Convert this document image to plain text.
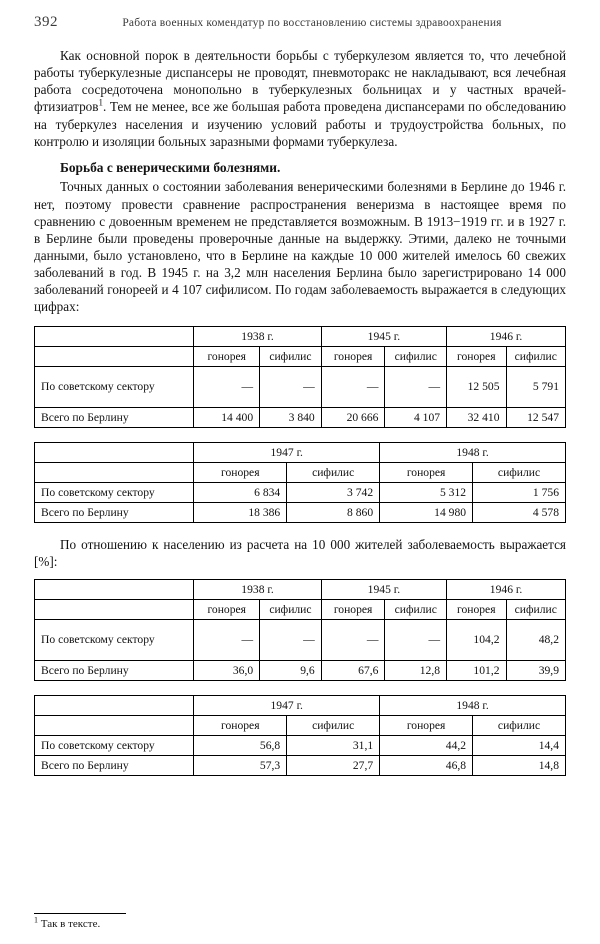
392	Работа военных комендатур по восстановлению системы здравоохранения

Как основной порок в деятельности борьбы с туберкулезом является то, что лечебной работы туберкулезные диспансеры не проводят, пневмоторакс не накладывают, вся лечебная работа сосредоточена монопольно в туберкулезных больницах и у частных врачей-фтизиатров$^1$. Тем не менее, все же большая работа проведена диспансерами по обследованию на туберкулез населения и изучению условий работы и трудоустройства больных, по контролю и изоляции больных заразными формами туберкулеза.

Борьба с венерическими болезнями.

Точных данных о состоянии заболевания венерическими болезнями в Берлине до 1946 г. нет, поэтому провести сравнение распространения венеризма в настоящее время по сравнению с довоенным временем не представляется возможным. В 1913−1919 гг. и в 1927 г. в Берлине были проведены проверочные данные на выдержку. Этими, далеко не точными данными, было установлено, что в Берлине на каждые 10 000 жителей имелось 60 свежих заболеваний в год. В 1945 г. на 3,2 млн населения Берлина было зарегистрировано 14 000 заболеваний гонореей и 4 107 сифилисом. По годам заболеваемость выражается в следующих цифрах:

	1938 г.		1945 г.		1946 г.	
	гонорея	сифилис	гонорея	сифилис	гонорея	сифилис
По советскому сектору	—	—	—	—	12 505	5 791
Всего по Берлину	14 400	3 840	20 666	4 107	32 410	12 547
	1947 г.		1948 г.	
	гонорея	сифилис	гонорея	сифилис
По советскому сектору	6 834	3 742	5 312	1 756
Всего по Берлину	18 386	8 860	14 980	4 578
По отношению к населению из расчета на 10 000 жителей заболеваемость выражается [%]:
	1938 г.		1945 г.		1946 г.	
	гонорея	сифилис	гонорея	сифилис	гонорея	сифилис
По советскому сектору	—	—	—	—	104,2	48,2
Всего по Берлину	36,0	9,6	67,6	12,8	101,2	39,9
	1947 г.		1948 г.	
	гонорея	сифилис	гонорея	сифилис
По советскому сектору	56,8	31,1	44,2	14,4
Всего по Берлину	57,3	27,7	46,8	14,8
$^1$ Так в тексте.
